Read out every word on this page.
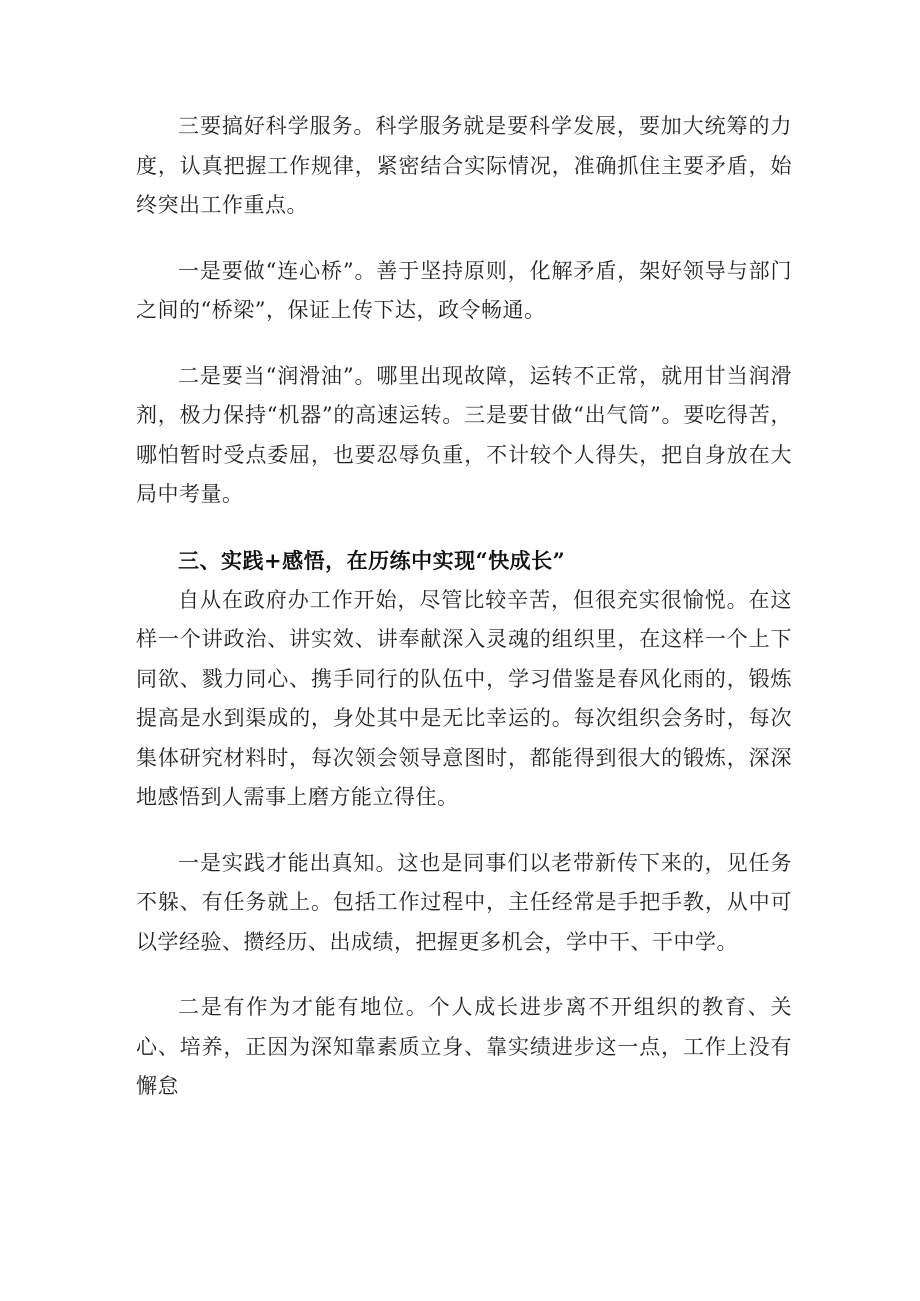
三要搞好科学服务。科学服务就是要科学发展，要加大统筹的力度，认真把握工作规律，紧密结合实际情况，准确抓住主要矛盾，始终突出工作重点。

一是要做“连心桥”。善于坚持原则，化解矛盾，架好领导与部门之间的“桥梁”，保证上传下达，政令畅通。

二是要当“润滑油”。哪里出现故障，运转不正常，就用甘当润滑剂，极力保持“机器”的高速运转。三是要甘做“出气筒”。要吃得苦，哪怕暂时受点委屈，也要忍辱负重，不计较个人得失，把自身放在大局中考量。

三、实践+感悟，在历练中实现“快成长”

自从在政府办工作开始，尽管比较辛苦，但很充实很愉悦。在这样一个讲政治、讲实效、讲奉献深入灵魂的组织里，在这样一个上下同欲、戮力同心、携手同行的队伍中，学习借鉴是春风化雨的，锻炼提高是水到渠成的，身处其中是无比幸运的。每次组织会务时，每次集体研究材料时，每次领会领导意图时，都能得到很大的锻炼，深深地感悟到人需事上磨方能立得住。

一是实践才能出真知。这也是同事们以老带新传下来的，见任务不躲、有任务就上。包括工作过程中，主任经常是手把手教，从中可以学经验、攒经历、出成绩，把握更多机会，学中干、干中学。

二是有作为才能有地位。个人成长进步离不开组织的教育、关心、培养，正因为深知靠素质立身、靠实绩进步这一点，工作上没有懈怠
